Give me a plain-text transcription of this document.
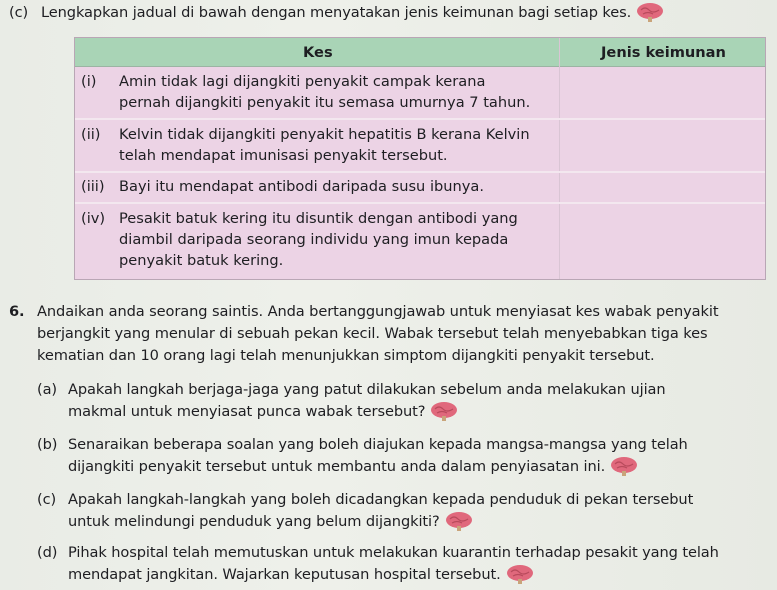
(c) Lengkapkan jadual di bawah dengan menyatakan jenis keimunan bagi setiap kes.
Kes	Jenis keimunan
(i) Amin tidak lagi dijangkiti penyakit campak kerana
pernah dijangkiti penyakit itu semasa umurnya 7 tahun.
(ii) Kelvin tidak dijangkiti penyakit hepatitis B kerana Kelvin
telah mendapat imunisasi penyakit tersebut.
(iii) Bayi itu mendapat antibodi daripada susu ibunya.
(iv) Pesakit batuk kering itu disuntik dengan antibodi yang
diambil daripada seorang individu yang imun kepada
penyakit batuk kering.
6. Andaikan anda seorang saintis. Anda bertanggungjawab untuk menyiasat kes wabak penyakit
berjangkit yang menular di sebuah pekan kecil. Wabak tersebut telah menyebabkan tiga kes
kematian dan 10 orang lagi telah menunjukkan simptom dijangkiti penyakit tersebut.
(a) Apakah langkah berjaga-jaga yang patut dilakukan sebelum anda melakukan ujian
makmal untuk menyiasat punca wabak tersebut?
(b) Senaraikan beberapa soalan yang boleh diajukan kepada mangsa-mangsa yang telah
dijangkiti penyakit tersebut untuk membantu anda dalam penyiasatan ini.
(c) Apakah langkah-langkah yang boleh dicadangkan kepada penduduk di pekan tersebut
untuk melindungi penduduk yang belum dijangkiti?
(d) Pihak hospital telah memutuskan untuk melakukan kuarantin terhadap pesakit yang telah
mendapat jangkitan. Wajarkan keputusan hospital tersebut.
